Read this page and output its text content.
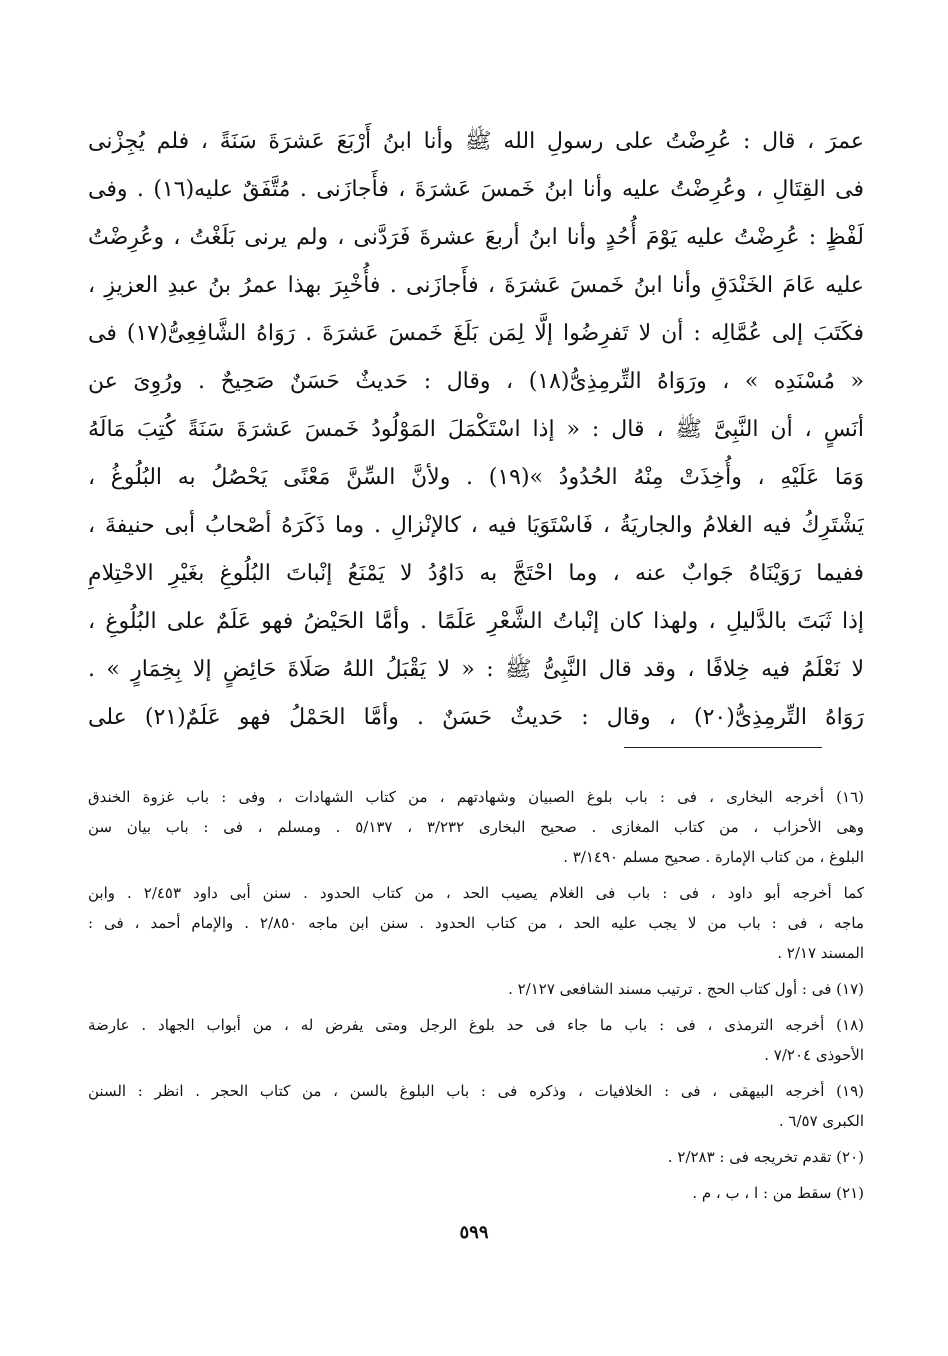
عمرَ ، قال : عُرِضْتُ على رسولِ الله ﷺ وأنا ابنُ أَرْبَعَ عَشرَةَ سَنَةً ، فلم يُجِزْنى
فى القِتَالِ ، وعُرِضْتُ عليه وأنا ابنُ خَمسَ عَشرَةَ ، فأَجازَنى . مُتَّفَقٌ عليه(١٦) . وفى
لَفْظٍ : عُرِضْتُ عليه يَوْمَ أُحُدٍ وأنا ابنُ أربعَ عشرةَ فَرَدَّنى ، ولم يرنى بَلَغْتُ ، وعُرِضْتُ
عليه عَامَ الخَنْدَقِ وأنا ابنُ خَمسَ عَشرَةَ ، فأَجازَنى . فأُخْبِرَ بهذا عمرُ بنُ عبدِ العزيزِ ،
فكَتَبَ إلى عُمَّالِه : أن لا تَفرِضُوا إلَّا لِمَن بَلَغَ خَمسَ عَشرَةَ . رَوَاهُ الشَّافِعِىُّ(١٧) فى
« مُسْنَدِه » ، ورَوَاهُ التِّرمِذِىُّ(١٨) ، وقال : حَديثٌ حَسَنٌ صَحِيحٌ . ورُوِىَ عن
أنَسٍ ، أن النَّبِىَّ ﷺ ، قال : « إذا اسْتَكْمَلَ المَوْلُودُ خَمسَ عَشرَةَ سَنَةً كُتِبَ مَالَهُ
وَمَا عَلَيْهِ ، وأُخِذَتْ مِنْهُ الحُدُودُ »(١٩) . ولأنَّ السِّنَّ مَعْنًى يَحْصُلُ به البُلُوغُ ،
يَشْتَرِكُ فيه الغلامُ والجاريَةُ ، فَاسْتَوَيَا فيه ، كالإنْزالِ . وما ذَكَرَهُ أصْحابُ أبى حنيفةَ ،
ففيما رَوَيْنَاهُ جَوابٌ عنه ، وما احْتَجَّ به دَاوُدُ لا يَمْنَعُ إنْباتَ البُلُوغِ بغَيْرِ الاحْتِلامِ
إذا ثَبَتَ بالدَّليلِ ، ولهذا كان إنْباتُ الشَّعْرِ عَلَمًا . وأمَّا الحَيْضُ فهو عَلَمٌ على البُلُوغِ ،
لا نَعْلَمُ فيه خِلافًا ، وقد قال النَّبِىُّ ﷺ : « لا يَقْبَلُ اللهُ صَلَاةَ حَائِضٍ إلا بِخِمَارٍ » .
رَوَاهُ التِّرمِذِىُّ(٢٠) ، وقال : حَديثٌ حَسَنٌ . وأمَّا الحَمْلُ فهو عَلَمٌ(٢١) على
(١٦) أخرجه البخارى ، فى : باب بلوغ الصبيان وشهادتهم ، من كتاب الشهادات ، وفى : باب غزوة الخندق
وهى الأحزاب ، من كتاب المغازى . صحيح البخارى ٣/٢٣٢ ، ٥/١٣٧ . ومسلم ، فى : باب بيان سن
البلوغ ، من كتاب الإمارة . صحيح مسلم ٣/١٤٩٠ .
كما أخرجه أبو داود ، فى : باب فى الغلام يصيب الحد ، من كتاب الحدود . سنن أبى داود ٢/٤٥٣ . وابن
ماجه ، فى : باب من لا يجب عليه الحد ، من كتاب الحدود . سنن ابن ماجه ٢/٨٥٠ . والإمام أحمد ، فى :
المسند ٢/١٧ .
(١٧) فى : أول كتاب الحج . ترتيب مسند الشافعى ٢/١٢٧ .
(١٨) أخرجه الترمذى ، فى : باب ما جاء فى حد بلوغ الرجل ومتى يفرض له ، من أبواب الجهاد . عارضة
الأحوذى ٧/٢٠٤ .
(١٩) أخرجه البيهقى ، فى : الخلافيات ، وذكره فى : باب البلوغ بالسن ، من كتاب الحجر . انظر : السنن
الكبرى ٦/٥٧ .
(٢٠) تقدم تخريجه فى : ٢/٢٨٣ .
(٢١) سقط من : ا ، ب ، م .
٥٩٩
